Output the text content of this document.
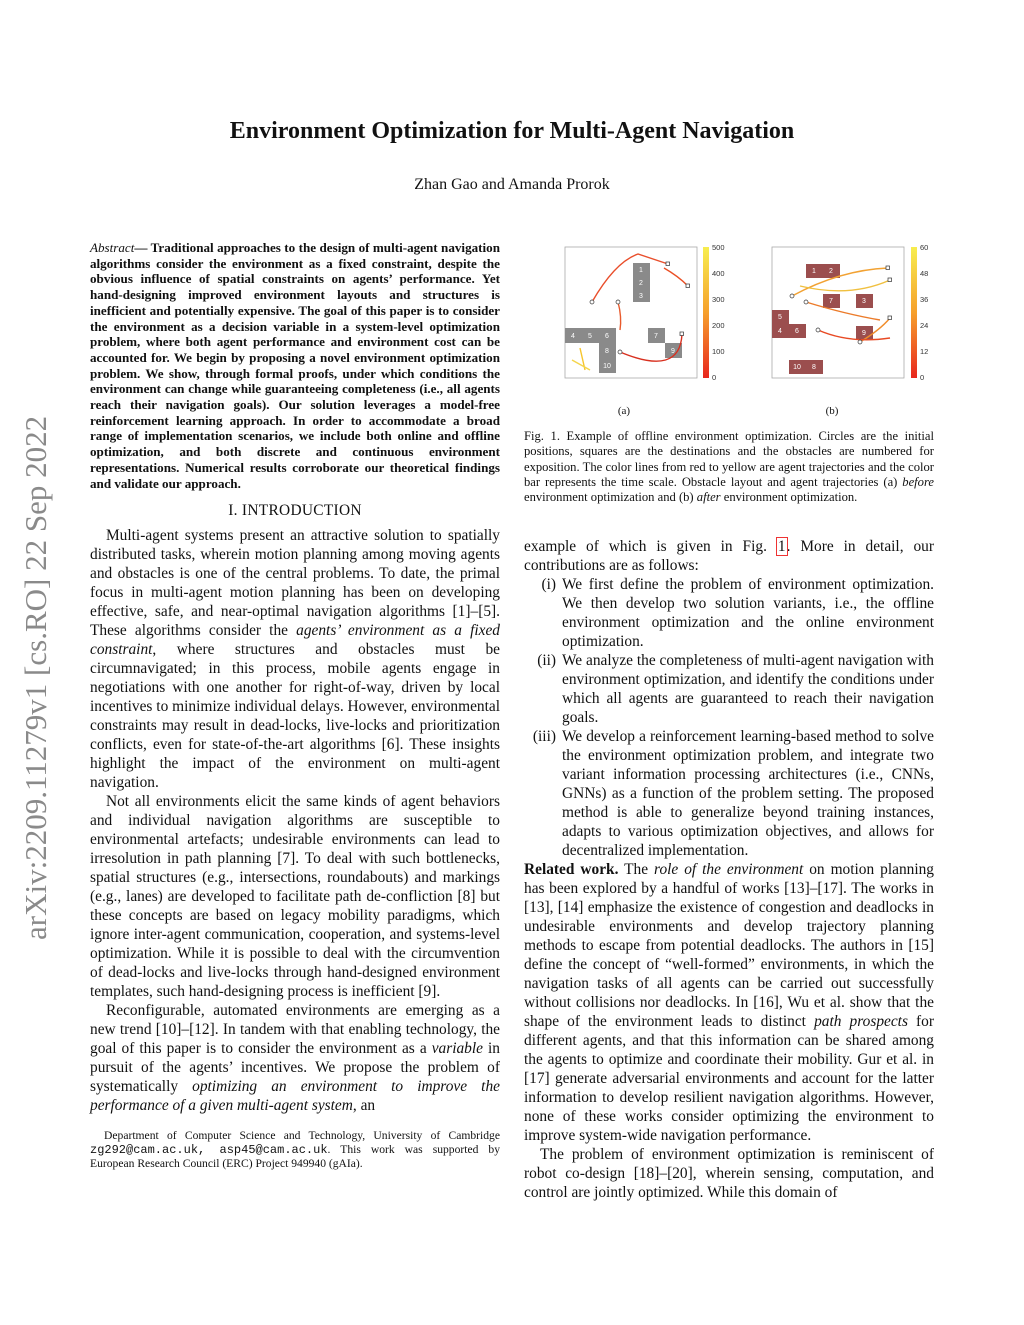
arXiv:2209.11279v1 [cs.RO] 22 Sep 2022
Environment Optimization for Multi-Agent Navigation
Zhan Gao and Amanda Prorok

Abstract— Traditional approaches to the design of multi-agent navigation algorithms consider the environment as a fixed constraint, despite the obvious influence of spatial constraints on agents’ performance. Yet hand-designing improved environment layouts and structures is inefficient and potentially expensive. The goal of this paper is to consider the environment as a decision variable in a system-level optimization problem, where both agent performance and environment cost can be accounted for. We begin by proposing a novel environment optimization problem. We show, through formal proofs, under which conditions the environment can change while guaranteeing completeness (i.e., all agents reach their navigation goals). Our solution leverages a model-free reinforcement learning approach. In order to accommodate a broad range of implementation scenarios, we include both online and offline optimization, and both discrete and continuous environment representations. Numerical results corroborate our theoretical findings and validate our approach.

I. INTRODUCTION

Multi-agent systems present an attractive solution to spatially distributed tasks, wherein motion planning among moving agents and obstacles is one of the central problems. To date, the primal focus in multi-agent motion planning has been on developing effective, safe, and near-optimal navigation algorithms [1]–[5]. These algorithms consider the agents’ environment as a fixed constraint, where structures and obstacles must be circumnavigated; in this process, mobile agents engage in negotiations with one another for right-of-way, driven by local incentives to minimize individual delays. However, environmental constraints may result in dead-locks, live-locks and prioritization conflicts, even for state-of-the-art algorithms [6]. These insights highlight the impact of the environment on multi-agent navigation.

Not all environments elicit the same kinds of agent behaviors and individual navigation algorithms are susceptible to environmental artefacts; undesirable environments can lead to irresolution in path planning [7]. To deal with such bottlenecks, spatial structures (e.g., intersections, roundabouts) and markings (e.g., lanes) are developed to facilitate path de-confliction [8] but these concepts are based on legacy mobility paradigms, which ignore inter-agent communication, cooperation, and systems-level optimization. While it is possible to deal with the circumvention of dead-locks and live-locks through hand-designed environment templates, such hand-designing process is inefficient [9].

Reconfigurable, automated environments are emerging as a new trend [10]–[12]. In tandem with that enabling technology, the goal of this paper is to consider the environment as a variable in pursuit of the agents’ incentives. We propose the problem of systematically optimizing an environment to improve the performance of a given multi-agent system, an

Department of Computer Science and Technology, University of Cambridge zg292@cam.ac.uk, asp45@cam.ac.uk. This work was supported by European Research Council (ERC) Project 949940 (gAIa).

1
2
3
4 5 6	7
8	9
10
500
400
300
200
100
0
1 2
7	3
5
4 6	9
10 8
60
48
36
24
12
0
(a)	(b)
Fig. 1. Example of offline environment optimization. Circles are the initial positions, squares are the destinations and the obstacles are numbered for exposition. The color lines from red to yellow are agent trajectories and the color bar represents the time scale. Obstacle layout and agent trajectories (a) before environment optimization and (b) after environment optimization.

example of which is given in Fig. 1. More in detail, our contributions are as follows:

(i) We first define the problem of environment optimization. We then develop two solution variants, i.e., the offline environment optimization and the online environment optimization.

(ii) We analyze the completeness of multi-agent navigation with environment optimization, and identify the conditions under which all agents are guaranteed to reach their navigation goals.

(iii) We develop a reinforcement learning-based method to solve the environment optimization problem, and integrate two variant information processing architectures (i.e., CNNs, GNNs) as a function of the problem setting. The proposed method is able to generalize beyond training instances, adapts to various optimization objectives, and allows for decentralized implementation.

Related work. The role of the environment on motion planning has been explored by a handful of works [13]–[17]. The works in [13], [14] emphasize the existence of congestion and deadlocks in undesirable environments and develop trajectory planning methods to escape from potential deadlocks. The authors in [15] define the concept of “well-formed” environments, in which the navigation tasks of all agents can be carried out successfully without collisions nor deadlocks. In [16], Wu et al. show that the shape of the environment leads to distinct path prospects for different agents, and that this information can be shared among the agents to optimize and coordinate their mobility. Gur et al. in [17] generate adversarial environments and account for the latter information to develop resilient navigation algorithms. However, none of these works consider optimizing the environment to improve system-wide navigation performance.

The problem of environment optimization is reminiscent of robot co-design [18]–[20], wherein sensing, computation, and control are jointly optimized. While this domain of
